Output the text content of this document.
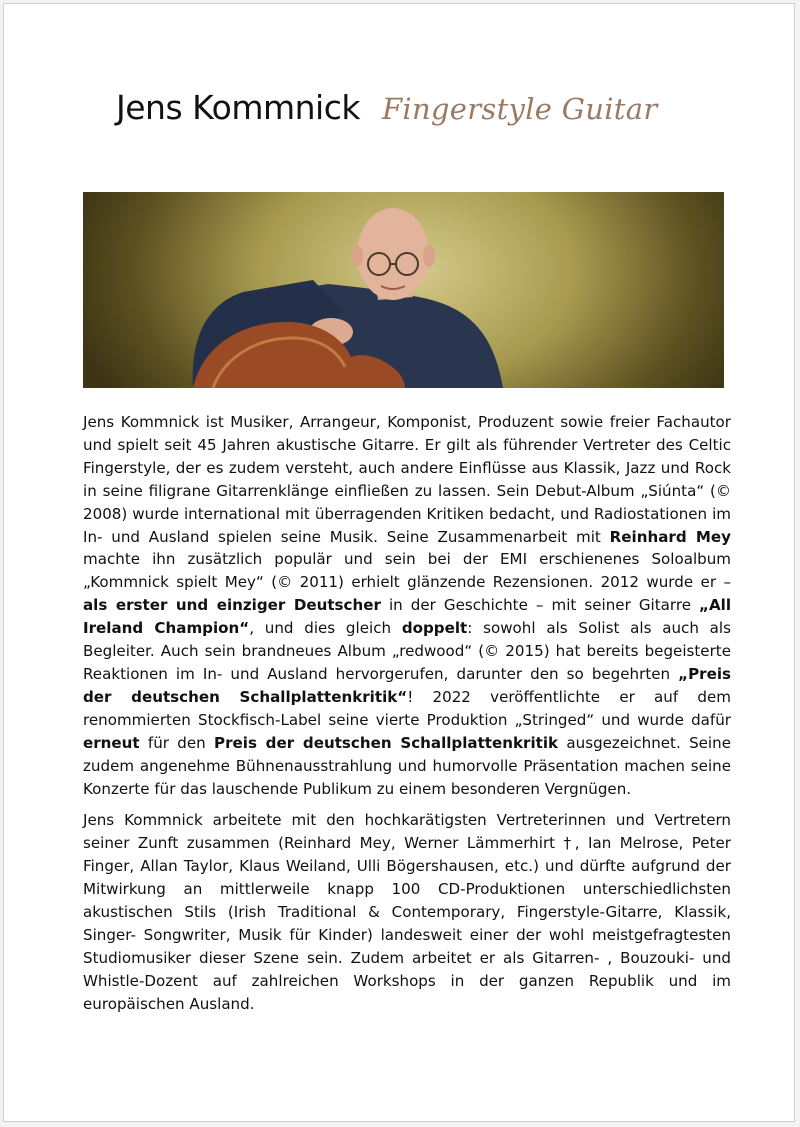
Jens Kommnick Fingerstyle Guitar

Jens Kommnick ist Musiker, Arrangeur, Komponist, Produzent sowie freier Fachautor und spielt seit 45 Jahren akustische Gitarre. Er gilt als führender Vertreter des Celtic Fingerstyle, der es zudem versteht, auch andere Einflüsse aus Klassik, Jazz und Rock in seine filigrane Gitarrenklänge einfließen zu lassen. Sein Debut-Album „Siúnta“ (© 2008) wurde international mit überragenden Kritiken bedacht, und Radiostationen im In- und Ausland spielen seine Musik. Seine Zusammenarbeit mit Reinhard Mey machte ihn zusätzlich populär und sein bei der EMI erschienenes Soloalbum „Kommnick spielt Mey“ (© 2011) erhielt glänzende Rezensionen. 2012 wurde er – als erster und einziger Deutscher in der Geschichte – mit seiner Gitarre „All Ireland Champion“, und dies gleich doppelt: sowohl als Solist als auch als Begleiter. Auch sein brandneues Album „redwood“ (© 2015) hat bereits begeisterte Reaktionen im In- und Ausland hervorgerufen, darunter den so begehrten „Preis der deutschen Schallplattenkritik“! 2022 veröffentlichte er auf dem renommierten Stockfisch-Label seine vierte Produktion „Stringed“ und wurde dafür erneut für den Preis der deutschen Schallplattenkritik ausgezeichnet. Seine zudem angenehme Bühnenausstrahlung und humorvolle Präsentation machen seine Konzerte für das lauschende Publikum zu einem besonderen Vergnügen.

Jens Kommnick arbeitete mit den hochkarätigsten Vertreterinnen und Vertretern seiner Zunft zusammen (Reinhard Mey, Werner Lämmerhirt †, Ian Melrose, Peter Finger, Allan Taylor, Klaus Weiland, Ulli Bögershausen, etc.) und dürfte aufgrund der Mitwirkung an mittlerweile knapp 100 CD-Produktionen unterschiedlichsten akustischen Stils (Irish Traditional & Contemporary, Fingerstyle-Gitarre, Klassik, Singer- Songwriter, Musik für Kinder) landesweit einer der wohl meistgefragtesten Studiomusiker dieser Szene sein. Zudem arbeitet er als Gitarren- , Bouzouki- und Whistle-Dozent auf zahlreichen Workshops in der ganzen Republik und im europäischen Ausland.
